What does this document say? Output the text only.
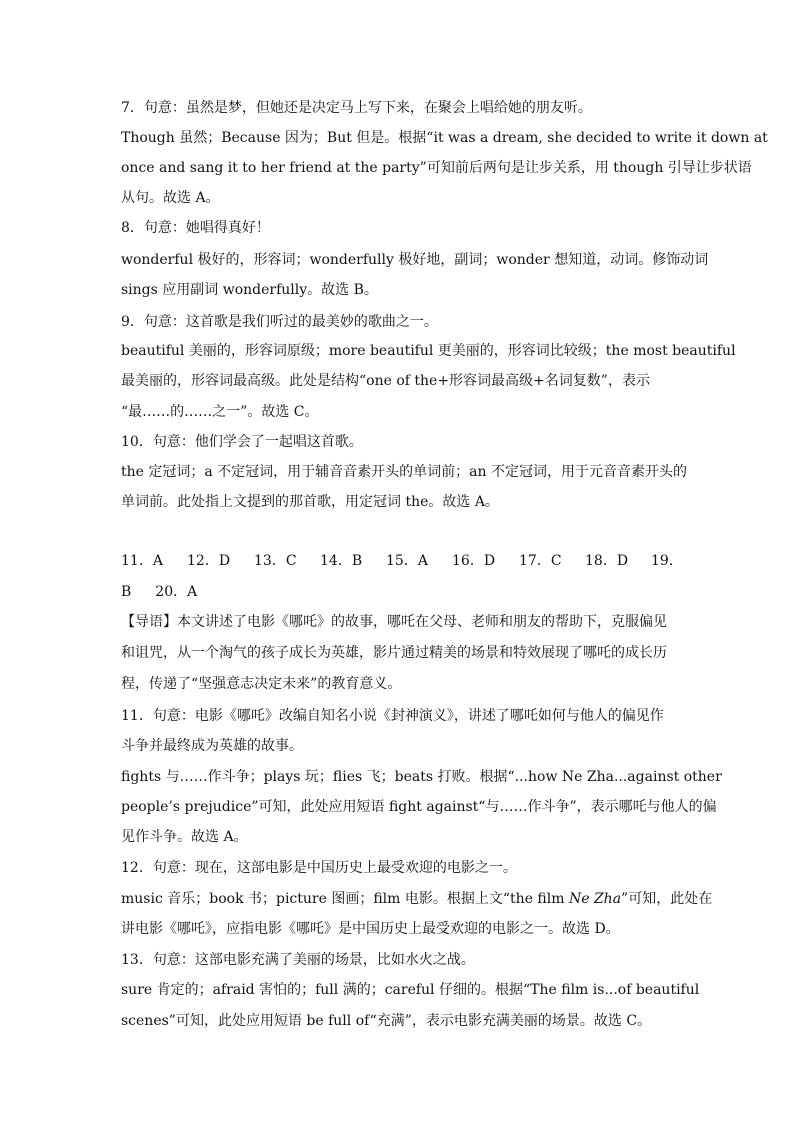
7．句意：虽然是梦，但她还是决定马上写下来，在聚会上唱给她的朋友听。
Though 虽然；Because 因为；But 但是。根据“it was a dream, she decided to write it down at
once and sang it to her friend at the party”可知前后两句是让步关系，用 though 引导让步状语
从句。故选 A。
8．句意：她唱得真好！
wonderful 极好的，形容词；wonderfully 极好地，副词；wonder 想知道，动词。修饰动词
sings 应用副词 wonderfully。故选 B。
9．句意：这首歌是我们听过的最美妙的歌曲之一。
beautiful 美丽的，形容词原级；more beautiful 更美丽的，形容词比较级；the most beautiful
最美丽的，形容词最高级。此处是结构“one of the+形容词最高级+名词复数”，表示
“最……的……之一”。故选 C。
10．句意：他们学会了一起唱这首歌。
the 定冠词；a 不定冠词，用于辅音音素开头的单词前；an 不定冠词，用于元音音素开头的
单词前。此处指上文提到的那首歌，用定冠词 the。故选 A。
11．A 12．D 13．C 14．B 15．A 16．D 17．C 18．D 19．
B 20．A
【导语】本文讲述了电影《哪吒》的故事，哪吒在父母、老师和朋友的帮助下，克服偏见
和诅咒，从一个淘气的孩子成长为英雄，影片通过精美的场景和特效展现了哪吒的成长历
程，传递了“坚强意志决定未来”的教育意义。
11．句意：电影《哪吒》改编自知名小说《封神演义》，讲述了哪吒如何与他人的偏见作
斗争并最终成为英雄的故事。
fights 与……作斗争；plays 玩；flies 飞；beats 打败。根据“...how Ne Zha...against other
people’s prejudice”可知，此处应用短语 fight against“与……作斗争”，表示哪吒与他人的偏
见作斗争。故选 A。
12．句意：现在，这部电影是中国历史上最受欢迎的电影之一。
music 音乐；book 书；picture 图画；film 电影。根据上文“the film Ne Zha”可知，此处在
讲电影《哪吒》，应指电影《哪吒》是中国历史上最受欢迎的电影之一。故选 D。
13．句意：这部电影充满了美丽的场景，比如水火之战。
sure 肯定的；afraid 害怕的；full 满的；careful 仔细的。根据“The film is...of beautiful
scenes”可知，此处应用短语 be full of“充满”，表示电影充满美丽的场景。故选 C。
